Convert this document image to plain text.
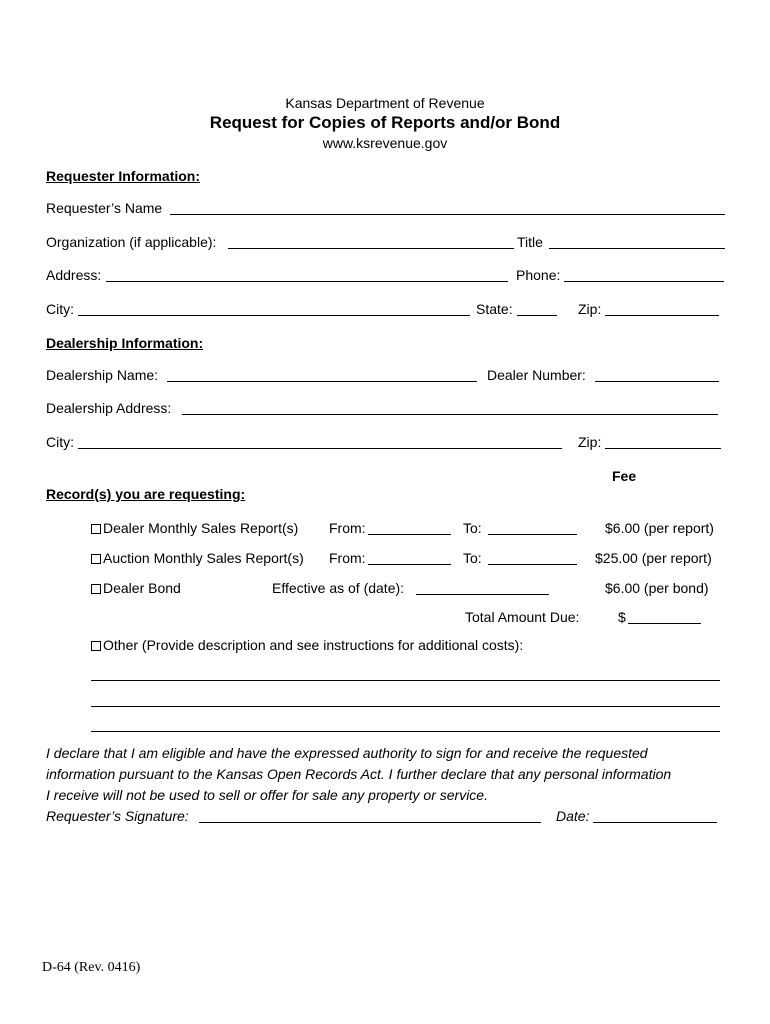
Kansas Department of Revenue
Request for Copies of Reports and/or Bond
www.ksrevenue.gov
Requester Information:
Requester’s Name
Organization (if applicable):	Title
Address:	Phone:
City:	State:	Zip:
Dealership Information:
Dealership Name:	Dealer Number:
Dealership Address:
City:	Zip:
Fee
Record(s) you are requesting:
Dealer Monthly Sales Report(s) From:	To:	$6.00 (per report)
Auction Monthly Sales Report(s) From:	To:	$25.00 (per report)
Dealer Bond	Effective as of (date):	$6.00 (per bond)
Total Amount Due:	$
Other (Provide description and see instructions for additional costs):
I declare that I am eligible and have the expressed authority to sign for and receive the requested
information pursuant to the Kansas Open Records Act. I further declare that any personal information
I receive will not be used to sell or offer for sale any property or service.
Requester’s Signature:	Date:
D-64 (Rev. 0416)
